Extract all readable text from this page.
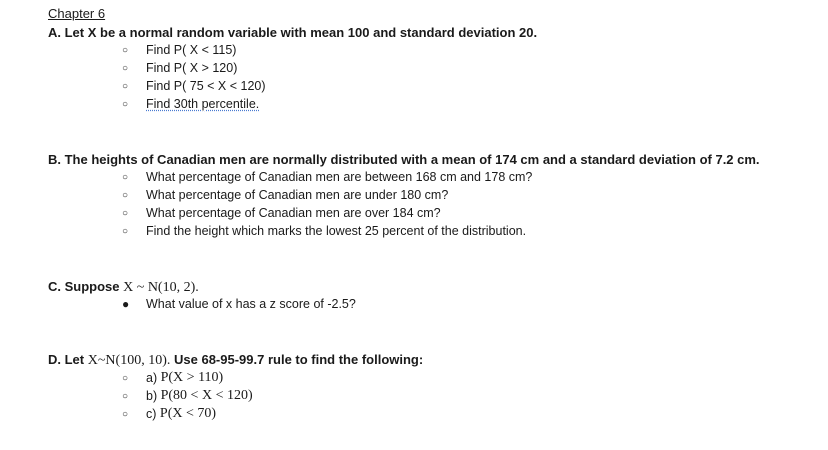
Chapter 6
A. Let X be a normal random variable with mean 100 and standard deviation 20.
○	Find P( X < 115)
○	Find P( X > 120)
○	Find P( 75 < X < 120)
○	Find 30th percentile.
B. The heights of Canadian men are normally distributed with a mean of 174 cm and a standard deviation of 7.2 cm.
○	What percentage of Canadian men are between 168 cm and 178 cm?
○	What percentage of Canadian men are under 180 cm?
○	What percentage of Canadian men are over 184 cm?
○	Find the height which marks the lowest 25 percent of the distribution.
C. Suppose X ~ N(10, 2).
●	What value of x has a z score of -2.5?
D. Let X~N(100, 10). Use 68-95-99.7 rule to find the following:
○	a)
P(X > 110)
○	b)
P(80 < X < 120)
○	c)
P(X < 70)
